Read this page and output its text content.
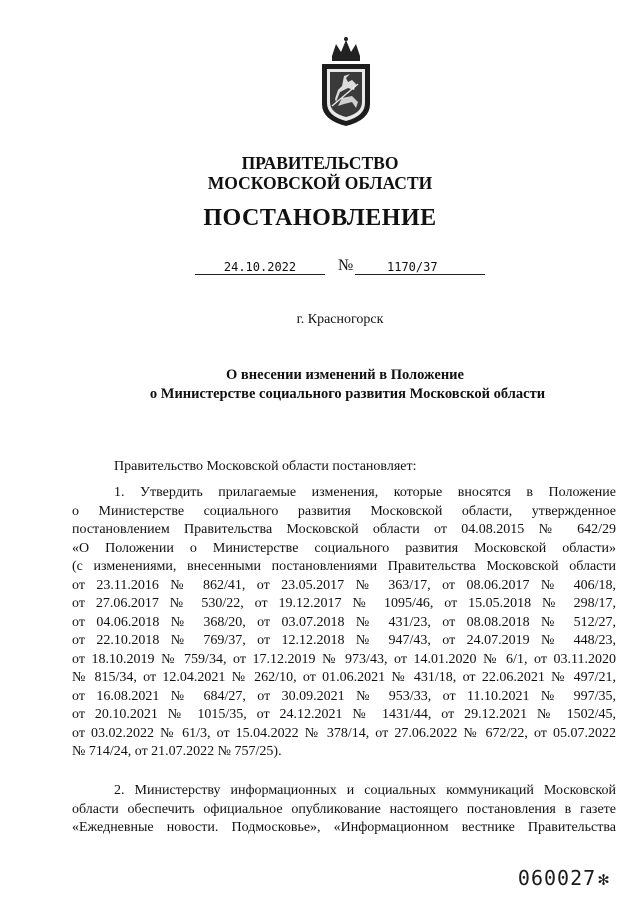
ПРАВИТЕЛЬСТВО
МОСКОВСКОЙ ОБЛАСТИ
ПОСТАНОВЛЕНИЕ
24.10.2022	№	1170/37
г. Красногорск
О внесении изменений в Положение
о Министерстве социального развития Московской области
Правительство Московской области постановляет:
1. Утвердить прилагаемые изменения, которые вносятся в Положение
о Министерстве социального развития Московской области, утвержденное
постановлением Правительства Московской области от 04.08.2015 № 642/29
«О Положении о Министерстве социального развития Московской области»
(с изменениями, внесенными постановлениями Правительства Московской области
от 23.11.2016 № 862/41, от 23.05.2017 № 363/17, от 08.06.2017 № 406/18,
от 27.06.2017 № 530/22, от 19.12.2017 № 1095/46, от 15.05.2018 № 298/17,
от 04.06.2018 № 368/20, от 03.07.2018 № 431/23, от 08.08.2018 № 512/27,
от 22.10.2018 № 769/37, от 12.12.2018 № 947/43, от 24.07.2019 № 448/23,
от 18.10.2019 № 759/34, от 17.12.2019 № 973/43, от 14.01.2020 № 6/1, от 03.11.2020
№ 815/34, от 12.04.2021 № 262/10, от 01.06.2021 № 431/18, от 22.06.2021 № 497/21,
от 16.08.2021 № 684/27, от 30.09.2021 № 953/33, от 11.10.2021 № 997/35,
от 20.10.2021 № 1015/35, от 24.12.2021 № 1431/44, от 29.12.2021 № 1502/45,
от 03.02.2022 № 61/3, от 15.04.2022 № 378/14, от 27.06.2022 № 672/22, от 05.07.2022
№ 714/24, от 21.07.2022 № 757/25).
2. Министерству информационных и социальных коммуникаций Московской
области обеспечить официальное опубликование настоящего постановления в газете
«Ежедневные новости. Подмосковье», «Информационном вестнике Правительства
060027 ✻
